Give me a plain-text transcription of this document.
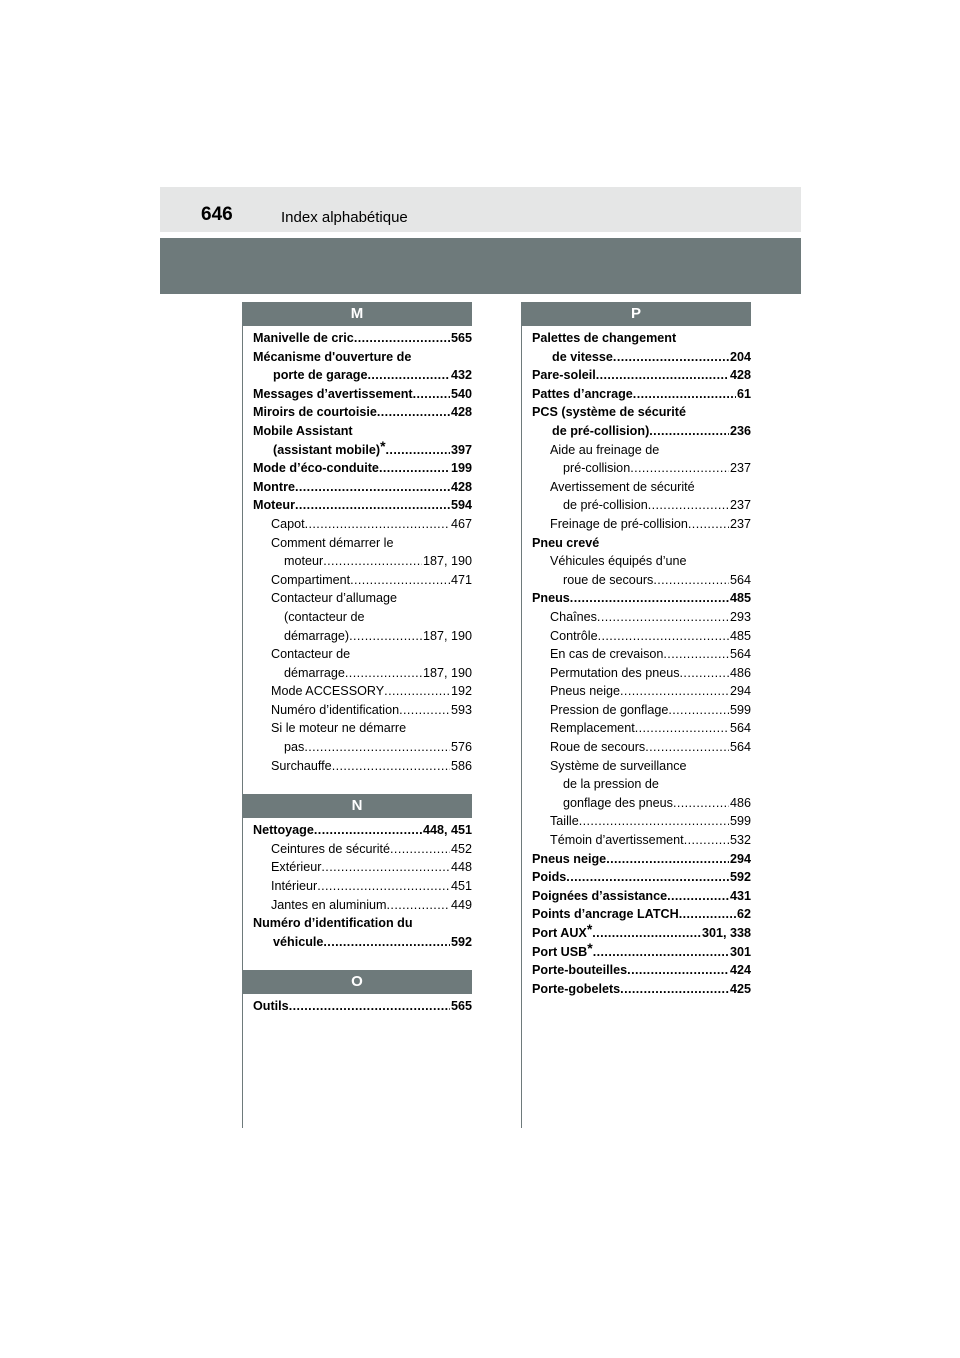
646	Index alphabétique
M
Manivelle de cric .....	565
Mécanisme d'ouverture de
porte de garage .....	432
Messages d’avertissement .....	540
Miroirs de courtoisie .....	428
Mobile Assistant
(assistant mobile)* .....	397
Mode d’éco-conduite .....	199
Montre .....	428
Moteur .....	594
Capot .....	467
Comment démarrer le
moteur .....	187, 190
Compartiment .....	471
Contacteur d’allumage
(contacteur de
démarrage) .....	187, 190
Contacteur de
démarrage .....	187, 190
Mode ACCESSORY .....	192
Numéro d’identification .....	593
Si le moteur ne démarre
pas .....	576
Surchauffe .....	586
N
Nettoyage .....	448, 451
Ceintures de sécurité .....	452
Extérieur .....	448
Intérieur .....	451
Jantes en aluminium .....	449
Numéro d’identification du
véhicule .....	592
O
Outils .....	565
P
Palettes de changement
de vitesse .....	204
Pare-soleil .....	428
Pattes d’ancrage .....	61
PCS (système de sécurité
de pré-collision) .....	236
Aide au freinage de
pré-collision .....	237
Avertissement de sécurité
de pré-collision .....	237
Freinage de pré-collision .....	237
Pneu crevé
Véhicules équipés d’une
roue de secours .....	564
Pneus .....	485
Chaînes .....	293
Contrôle .....	485
En cas de crevaison .....	564
Permutation des pneus .....	486
Pneus neige .....	294
Pression de gonflage .....	599
Remplacement .....	564
Roue de secours .....	564
Système de surveillance
de la pression de
gonflage des pneus .....	486
Taille .....	599
Témoin d’avertissement .....	532
Pneus neige .....	294
Poids .....	592
Poignées d’assistance .....	431
Points d’ancrage LATCH .....	62
Port AUX* .....	301, 338
Port USB* .....	301
Porte-bouteilles .....	424
Porte-gobelets .....	425
